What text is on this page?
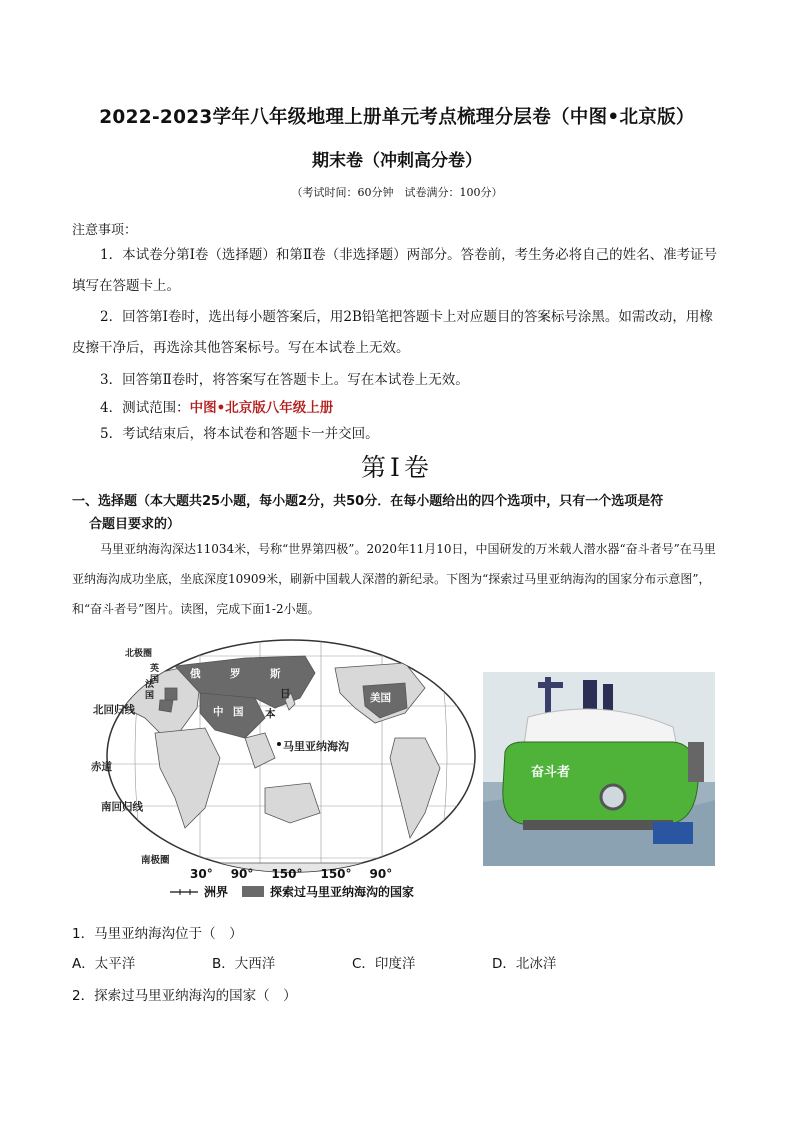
2022-2023学年八年级地理上册单元考点梳理分层卷（中图•北京版）
期末卷（冲刺高分卷）
（考试时间：60分钟　试卷满分：100分）
注意事项：
1．本试卷分第Ⅰ卷（选择题）和第Ⅱ卷（非选择题）两部分。答卷前，考生务必将自己的姓名、准考证号填写在答题卡上。
2．回答第Ⅰ卷时，选出每小题答案后，用2B铅笔把答题卡上对应题目的答案标号涂黑。如需改动，用橡皮擦干净后，再选涂其他答案标号。写在本试卷上无效。
3．回答第Ⅱ卷时，将答案写在答题卡上。写在本试卷上无效。
4．测试范围：中图•北京版八年级上册
5．考试结束后，将本试卷和答题卡一并交回。
第Ⅰ卷
一、选择题（本大题共25小题，每小题2分，共50分．在每小题给出的四个选项中，只有一个选项是符
合题目要求的）
马里亚纳海沟深达11034米，号称“世界第四极”。2020年11月10日，中国研发的万米载人潜水器“奋斗者号”在马里亚纳海沟成功坐底，坐底深度10909米，刷新中国载人深潜的新纪录。下图为“探索过马里亚纳海沟的国家分布示意图”，和“奋斗者号”图片。读图，完成下面1-2小题。
北极圈
英国	俄	罗	斯
日
本
中 国
法国	美国
北回归线
赤道
南回归线
南极圈
马里亚纳海沟
30° 90° 150° 150° 90°
洲界	探索过马里亚纳海沟的国家
奋斗者
1．马里亚纳海沟位于（　）
A．太平洋	B．大西洋	C．印度洋	D．北冰洋
2．探索过马里亚纳海沟的国家（　）
